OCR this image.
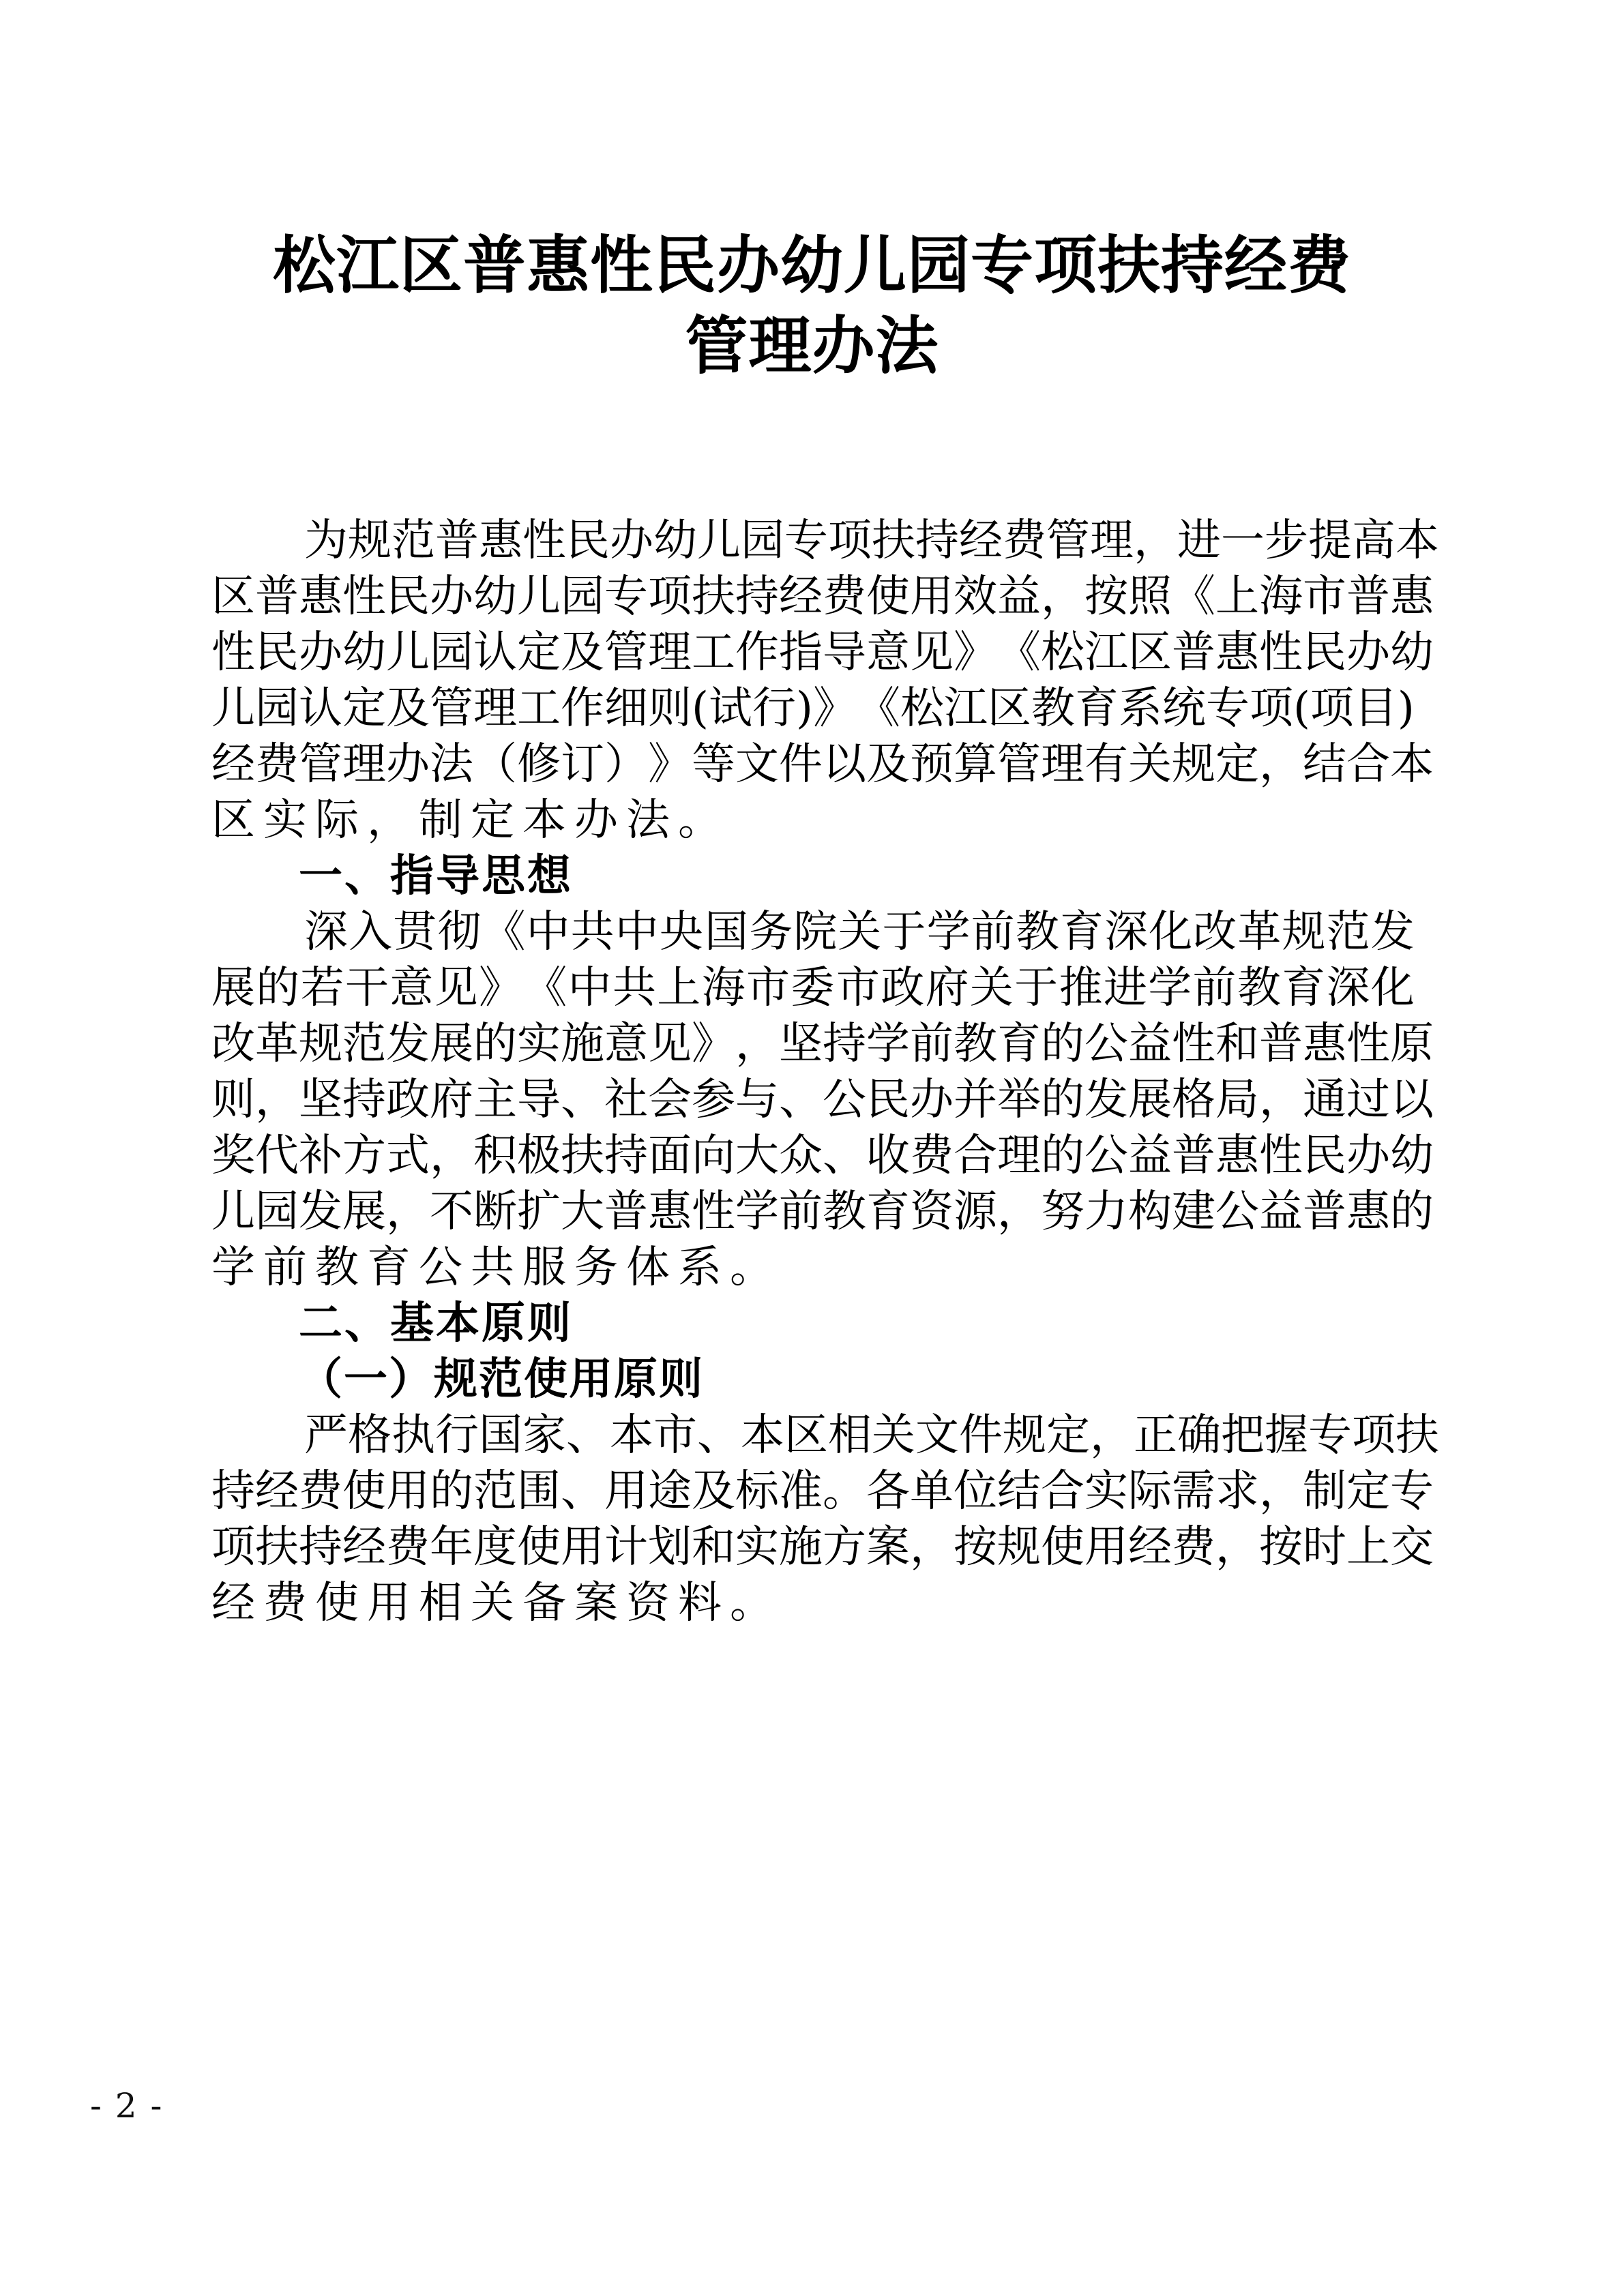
松江区普惠性民办幼儿园专项扶持经费
管理办法
为 规 范 普 惠 性 民 办 幼 儿 园 专 项 扶 持 经 费 管 理 ， 进 一 步 提 高 本
区 普 惠 性 民 办 幼 儿 园 专 项 扶 持 经 费 使 用 效 益 ， 按 照 《 上 海 市 普 惠
性 民 办 幼 儿 园 认 定 及 管 理 工 作 指 导 意 见 》 《 松 江 区 普 惠 性 民 办 幼
儿 园 认 定 及 管 理 工 作 细 则 ( 试 行 ) 》 《 松 江 区 教 育 系 统 专 项 ( 项 目 )
经 费 管 理 办 法 （ 修 订 ） 》 等 文 件 以 及 预 算 管 理 有 关 规 定 ， 结 合 本
区实际，制定本办法。
一、指导思想
深 入 贯 彻 《 中 共 中 央 国 务 院 关 于 学 前 教 育 深 化 改 革 规 范 发
展 的 若 干 意 见 》 《 中 共 上 海 市 委 市 政 府 关 于 推 进 学 前 教 育 深 化
改 革 规 范 发 展 的 实 施 意 见 》 ， 坚 持 学 前 教 育 的 公 益 性 和 普 惠 性 原
则 ， 坚 持 政 府 主 导 、 社 会 参 与 、 公 民 办 并 举 的 发 展 格 局 ， 通 过 以
奖 代 补 方 式 ， 积 极 扶 持 面 向 大 众 、 收 费 合 理 的 公 益 普 惠 性 民 办 幼
儿 园 发 展 ， 不 断 扩 大 普 惠 性 学 前 教 育 资 源 ， 努 力 构 建 公 益 普 惠 的
学前教育公共服务体系。
二、基本原则
（一）规范使用原则
严 格 执 行 国 家 、 本 市 、 本 区 相 关 文 件 规 定 ， 正 确 把 握 专 项 扶
持 经 费 使 用 的 范 围 、 用 途 及 标 准 。 各 单 位 结 合 实 际 需 求 ， 制 定 专
项 扶 持 经 费 年 度 使 用 计 划 和 实 施 方 案 ， 按 规 使 用 经 费 ， 按 时 上 交
经费使用相关备案资料。
- 2 -
